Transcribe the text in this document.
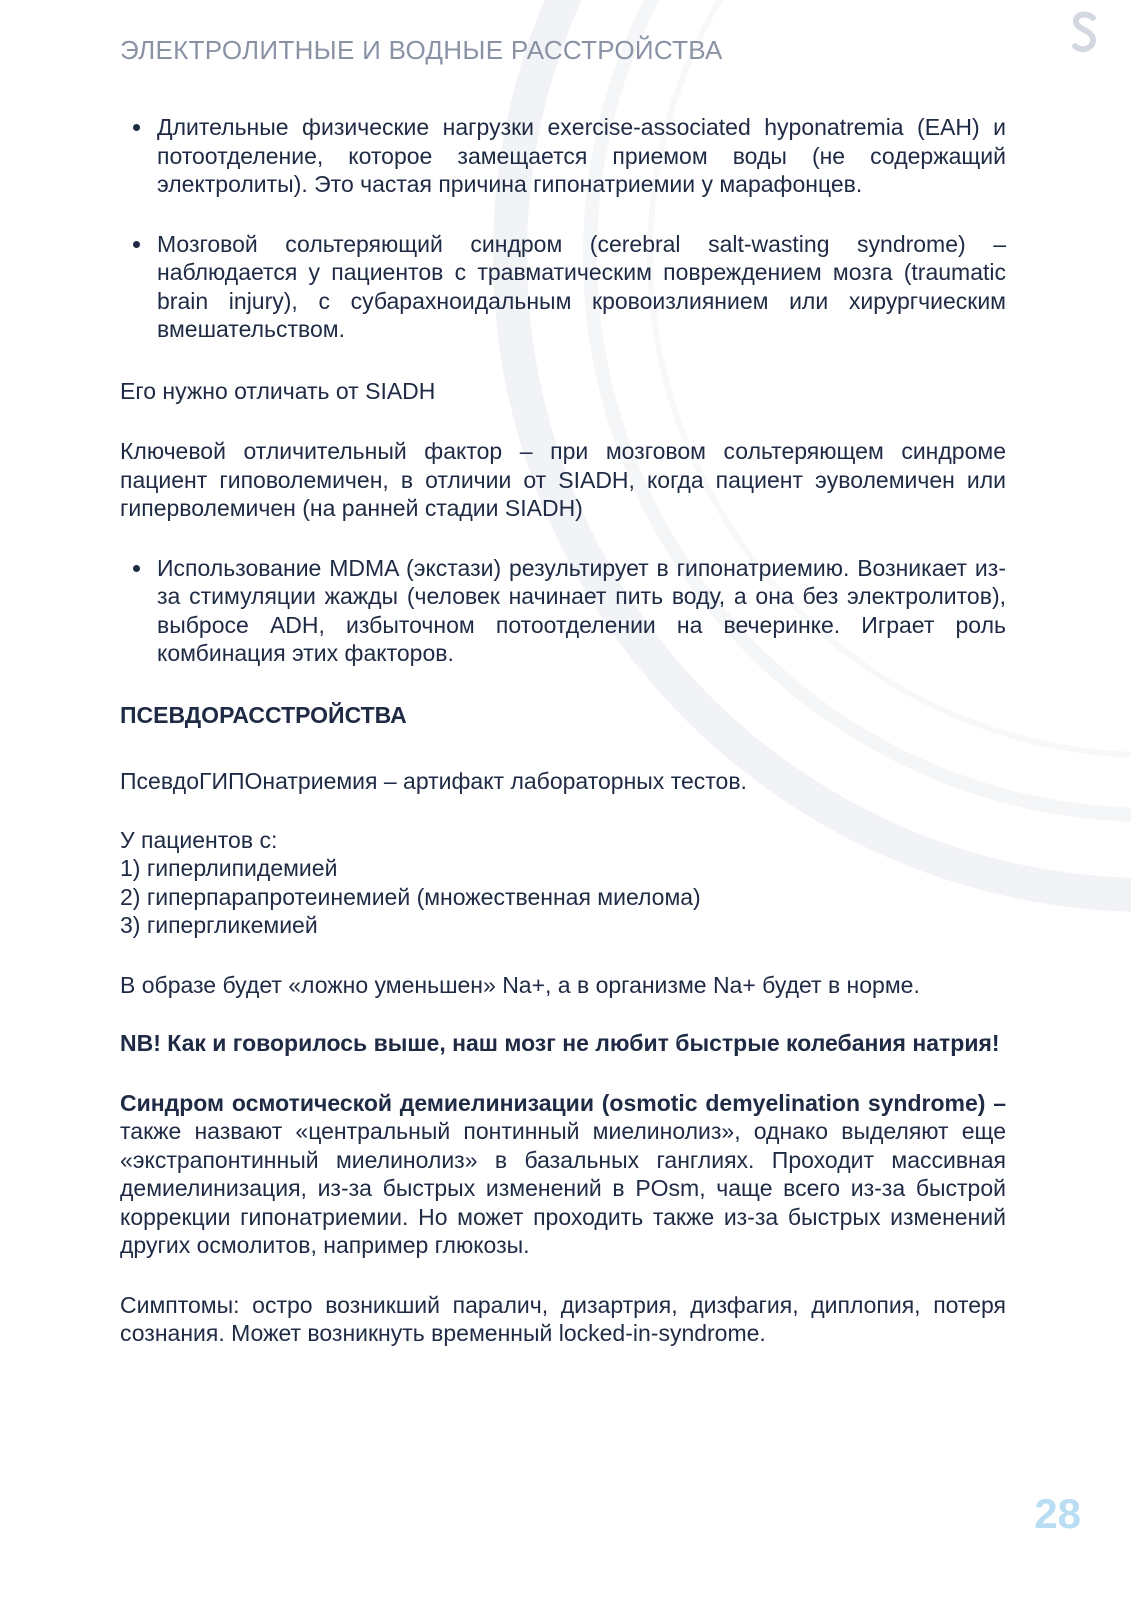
ЭЛЕКТРОЛИТНЫЕ И ВОДНЫЕ РАССТРОЙСТВА
Длительные физические нагрузки exercise-associated hyponatremia (EAH) и потоотделение, которое замещается приемом воды (не содержащий электролиты). Это частая причина гипонатриемии у марафонцев.
Мозговой сольтеряющий синдром (cerebral salt-wasting syndrome) – наблюдается у пациентов с травматическим повреждением мозга (traumatic brain injury), с субарахноидальным кровоизлиянием или хирургчиеским вмешательством.

Его нужно отличать от SIADH

Ключевой отличительный фактор – при мозговом сольтеряющем синдроме пациент гиповолемичен, в отличии от SIADH, когда пациент эуволемичен или гиперволемичен (на ранней стадии SIADH)

Использование MDMA (экстази) результирует в гипонатриемию. Возникает из-за стимуляции жажды (человек начинает пить воду, а она без электролитов), выбросе ADH, избыточном потоотделении на вечеринке. Играет роль комбинация этих факторов.

ПСЕВДОРАССТРОЙСТВА

ПсевдоГИПОнатриемия – артифакт лабораторных тестов.

У пациентов с:

1) гиперлипидемией

2) гиперпарапротеинемией (множественная миелома)

3) гипергликемией

В образе будет «ложно уменьшен» Na+, а в организме Na+ будет в норме.

NB! Как и говорилось выше, наш мозг не любит быстрые колебания натрия!

Синдром осмотической демиелинизации (osmotic demyelination syndrome) – также назвают «центральный понтинный миелинолиз», однако выделяют еще «экстрапонтинный миелинолиз» в базальных ганглиях. Проходит массивная демиелинизация, из-за быстрых изменений в POsm, чаще всего из-за быстрой коррекции гипонатриемии. Но может проходить также из-за быстрых изменений других осмолитов, например глюкозы.

Симптомы: остро возникший паралич, дизартрия, дизфагия, диплопия, потеря сознания. Может возникнуть временный locked-in-syndrome.

28
